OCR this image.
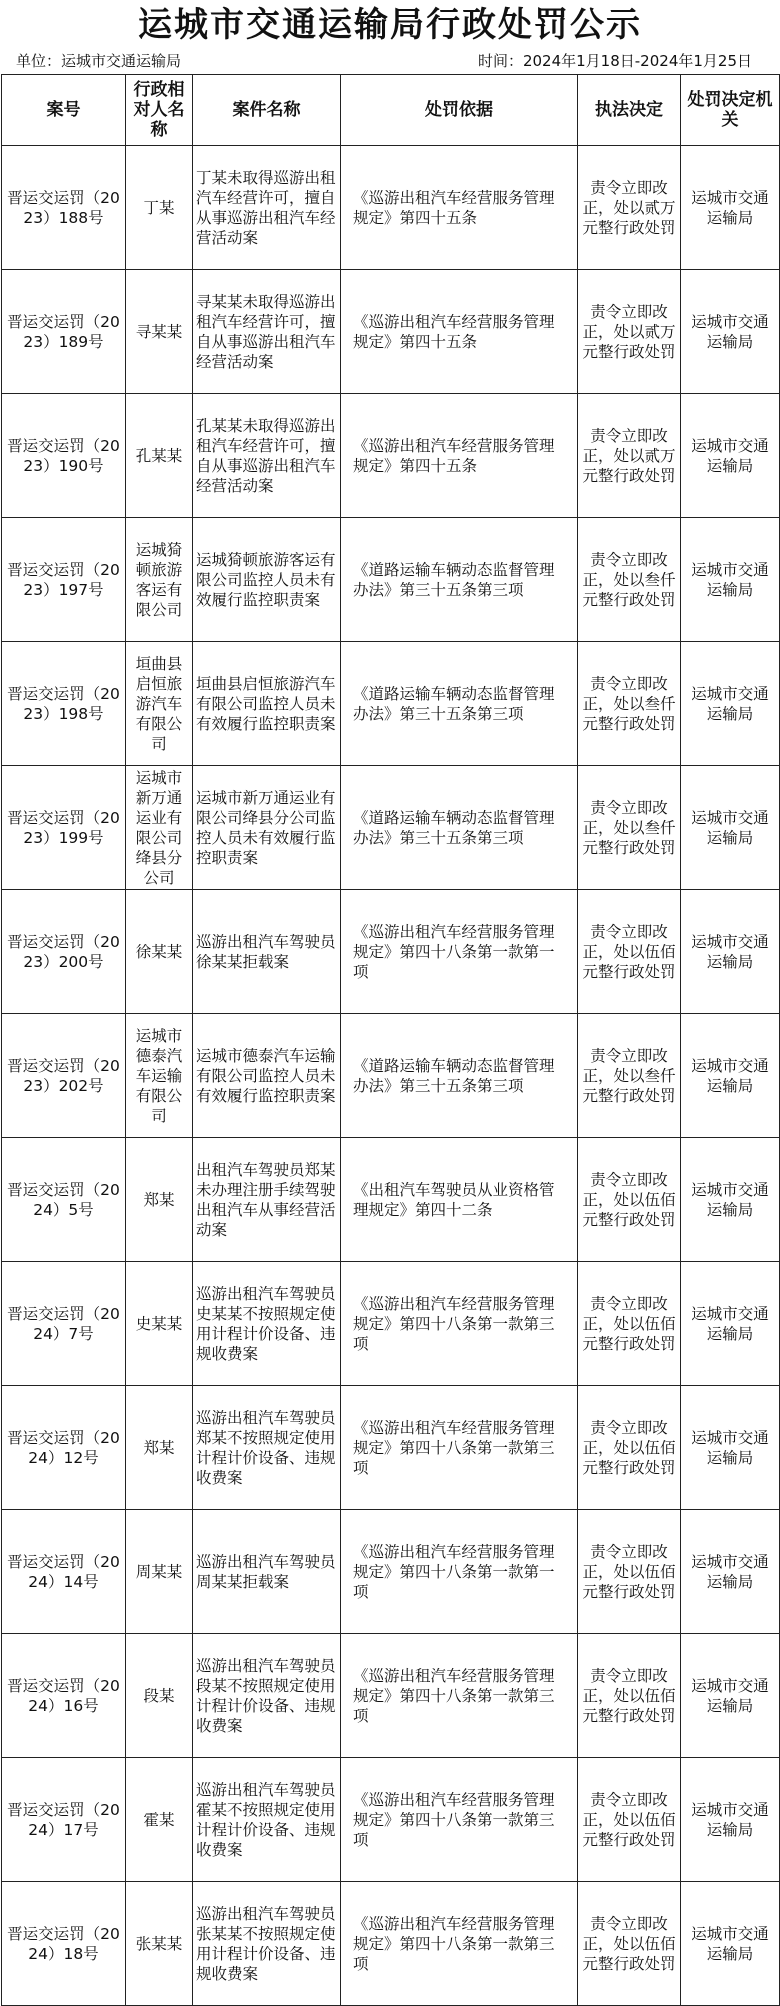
运城市交通运输局行政处罚公示
单位：运城市交通运输局	时间：2024年1月18日-2024年1月25日
案号	行政相对人名称	案件名称	处罚依据	执法决定	处罚决定机关
晋运交运罚（2023）188号	丁某	丁某未取得巡游出租汽车经营许可，擅自从事巡游出租汽车经营活动案	《巡游出租汽车经营服务管理规定》第四十五条	责令立即改正，处以贰万元整行政处罚	运城市交通运输局
晋运交运罚（2023）189号	寻某某	寻某某未取得巡游出租汽车经营许可，擅自从事巡游出租汽车经营活动案	《巡游出租汽车经营服务管理规定》第四十五条	责令立即改正，处以贰万元整行政处罚	运城市交通运输局
晋运交运罚（2023）190号	孔某某	孔某某未取得巡游出租汽车经营许可，擅自从事巡游出租汽车经营活动案	《巡游出租汽车经营服务管理规定》第四十五条	责令立即改正，处以贰万元整行政处罚	运城市交通运输局
晋运交运罚（2023）197号	运城猗顿旅游客运有限公司	运城猗顿旅游客运有限公司监控人员未有效履行监控职责案	《道路运输车辆动态监督管理办法》第三十五条第三项	责令立即改正，处以叁仟元整行政处罚	运城市交通运输局
晋运交运罚（2023）198号	垣曲县启恒旅游汽车有限公司	垣曲县启恒旅游汽车有限公司监控人员未有效履行监控职责案	《道路运输车辆动态监督管理办法》第三十五条第三项	责令立即改正，处以叁仟元整行政处罚	运城市交通运输局
晋运交运罚（2023）199号	运城市新万通运业有限公司绛县分公司	运城市新万通运业有限公司绛县分公司监控人员未有效履行监控职责案	《道路运输车辆动态监督管理办法》第三十五条第三项	责令立即改正，处以叁仟元整行政处罚	运城市交通运输局
晋运交运罚（2023）200号	徐某某	巡游出租汽车驾驶员徐某某拒载案	《巡游出租汽车经营服务管理规定》第四十八条第一款第一项	责令立即改正，处以伍佰元整行政处罚	运城市交通运输局
晋运交运罚（2023）202号	运城市德泰汽车运输有限公司	运城市德泰汽车运输有限公司监控人员未有效履行监控职责案	《道路运输车辆动态监督管理办法》第三十五条第三项	责令立即改正，处以叁仟元整行政处罚	运城市交通运输局
晋运交运罚（2024）5号	郑某	出租汽车驾驶员郑某未办理注册手续驾驶出租汽车从事经营活动案	《出租汽车驾驶员从业资格管理规定》第四十二条	责令立即改正，处以伍佰元整行政处罚	运城市交通运输局
晋运交运罚（2024）7号	史某某	巡游出租汽车驾驶员史某某不按照规定使用计程计价设备、违规收费案	《巡游出租汽车经营服务管理规定》第四十八条第一款第三项	责令立即改正，处以伍佰元整行政处罚	运城市交通运输局
晋运交运罚（2024）12号	郑某	巡游出租汽车驾驶员郑某不按照规定使用计程计价设备、违规收费案	《巡游出租汽车经营服务管理规定》第四十八条第一款第三项	责令立即改正，处以伍佰元整行政处罚	运城市交通运输局
晋运交运罚（2024）14号	周某某	巡游出租汽车驾驶员周某某拒载案	《巡游出租汽车经营服务管理规定》第四十八条第一款第一项	责令立即改正，处以伍佰元整行政处罚	运城市交通运输局
晋运交运罚（2024）16号	段某	巡游出租汽车驾驶员段某不按照规定使用计程计价设备、违规收费案	《巡游出租汽车经营服务管理规定》第四十八条第一款第三项	责令立即改正，处以伍佰元整行政处罚	运城市交通运输局
晋运交运罚（2024）17号	霍某	巡游出租汽车驾驶员霍某不按照规定使用计程计价设备、违规收费案	《巡游出租汽车经营服务管理规定》第四十八条第一款第三项	责令立即改正，处以伍佰元整行政处罚	运城市交通运输局
晋运交运罚（2024）18号	张某某	巡游出租汽车驾驶员张某某不按照规定使用计程计价设备、违规收费案	《巡游出租汽车经营服务管理规定》第四十八条第一款第三项	责令立即改正，处以伍佰元整行政处罚	运城市交通运输局
